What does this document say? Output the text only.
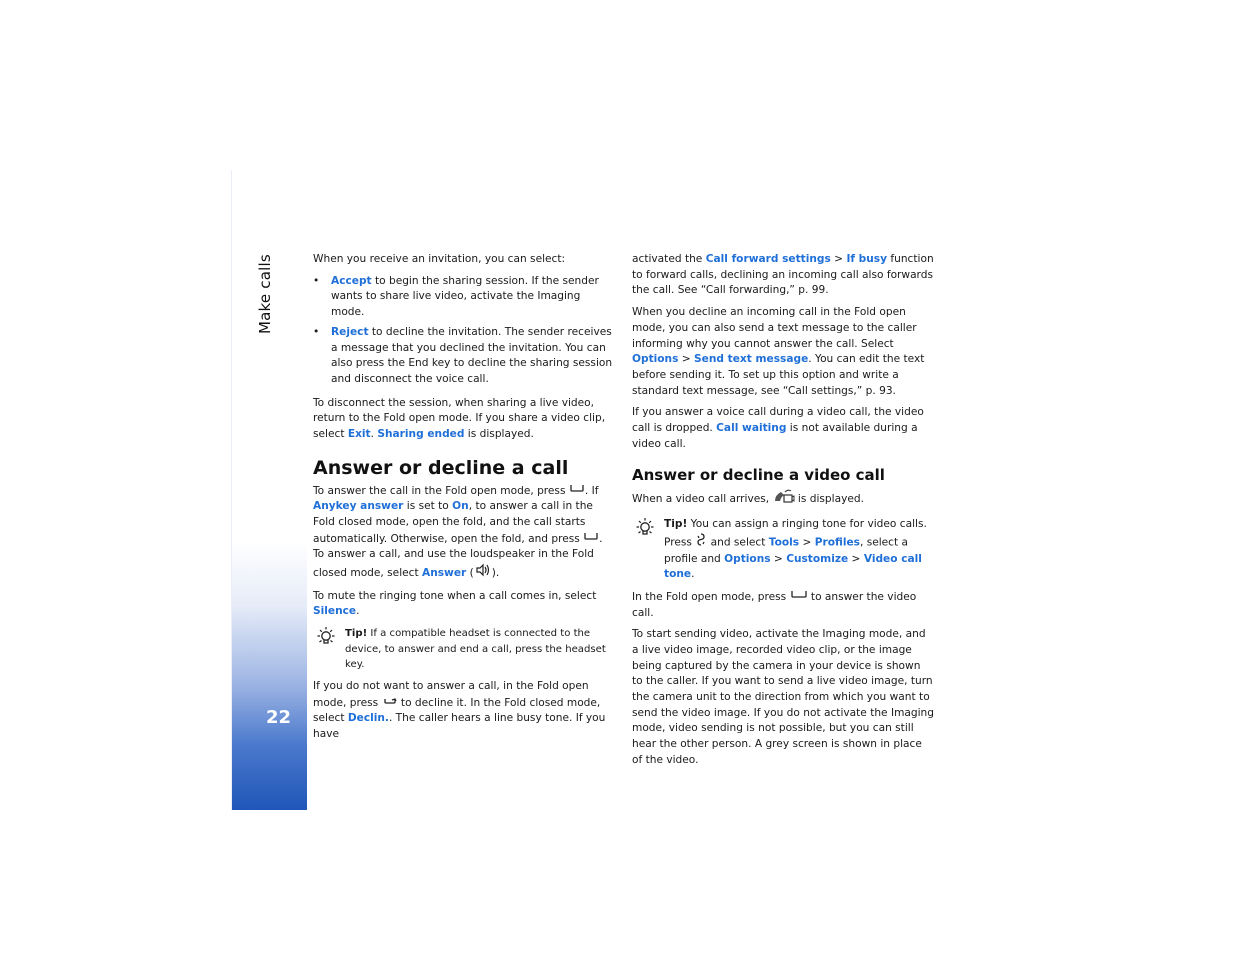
Make calls
22

When you receive an invitation, you can select:

• Accept to begin the sharing session. If the sender wants to share live video, activate the Imaging mode.
• Reject to decline the invitation. The sender receives a message that you declined the invitation. You can also press the End key to decline the sharing session and disconnect the voice call.

To disconnect the session, when sharing a live video, return to the Fold open mode. If you share a video clip, select Exit. Sharing ended is displayed.

Answer or decline a call

To answer the call in the Fold open mode, press . If Anykey answer is set to On, to answer a call in the Fold closed mode, open the fold, and the call starts automatically. Otherwise, open the fold, and press . To answer a call, and use the loudspeaker in the Fold closed mode, select Answer ( ).

To mute the ringing tone when a call comes in, select Silence.

Tip! If a compatible headset is connected to the device, to answer and end a call, press the headset key.

If you do not want to answer a call, in the Fold open mode, press  to decline it. In the Fold closed mode, select Declin.. The caller hears a line busy tone. If you have

activated the Call forward settings > If busy function to forward calls, declining an incoming call also forwards the call. See “Call forwarding,” p. 99.

When you decline an incoming call in the Fold open mode, you can also send a text message to the caller informing why you cannot answer the call. Select Options > Send text message. You can edit the text before sending it. To set up this option and write a standard text message, see “Call settings,” p. 93.

If you answer a voice call during a video call, the video call is dropped. Call waiting is not available during a video call.

Answer or decline a video call

When a video call arrives,  is displayed.

Tip! You can assign a ringing tone for video calls. Press  and select Tools > Profiles, select a profile and Options > Customize > Video call tone.

In the Fold open mode, press  to answer the video call.

To start sending video, activate the Imaging mode, and a live video image, recorded video clip, or the image being captured by the camera in your device is shown to the caller. If you want to send a live video image, turn the camera unit to the direction from which you want to send the video image. If you do not activate the Imaging mode, video sending is not possible, but you can still hear the other person. A grey screen is shown in place of the video.
